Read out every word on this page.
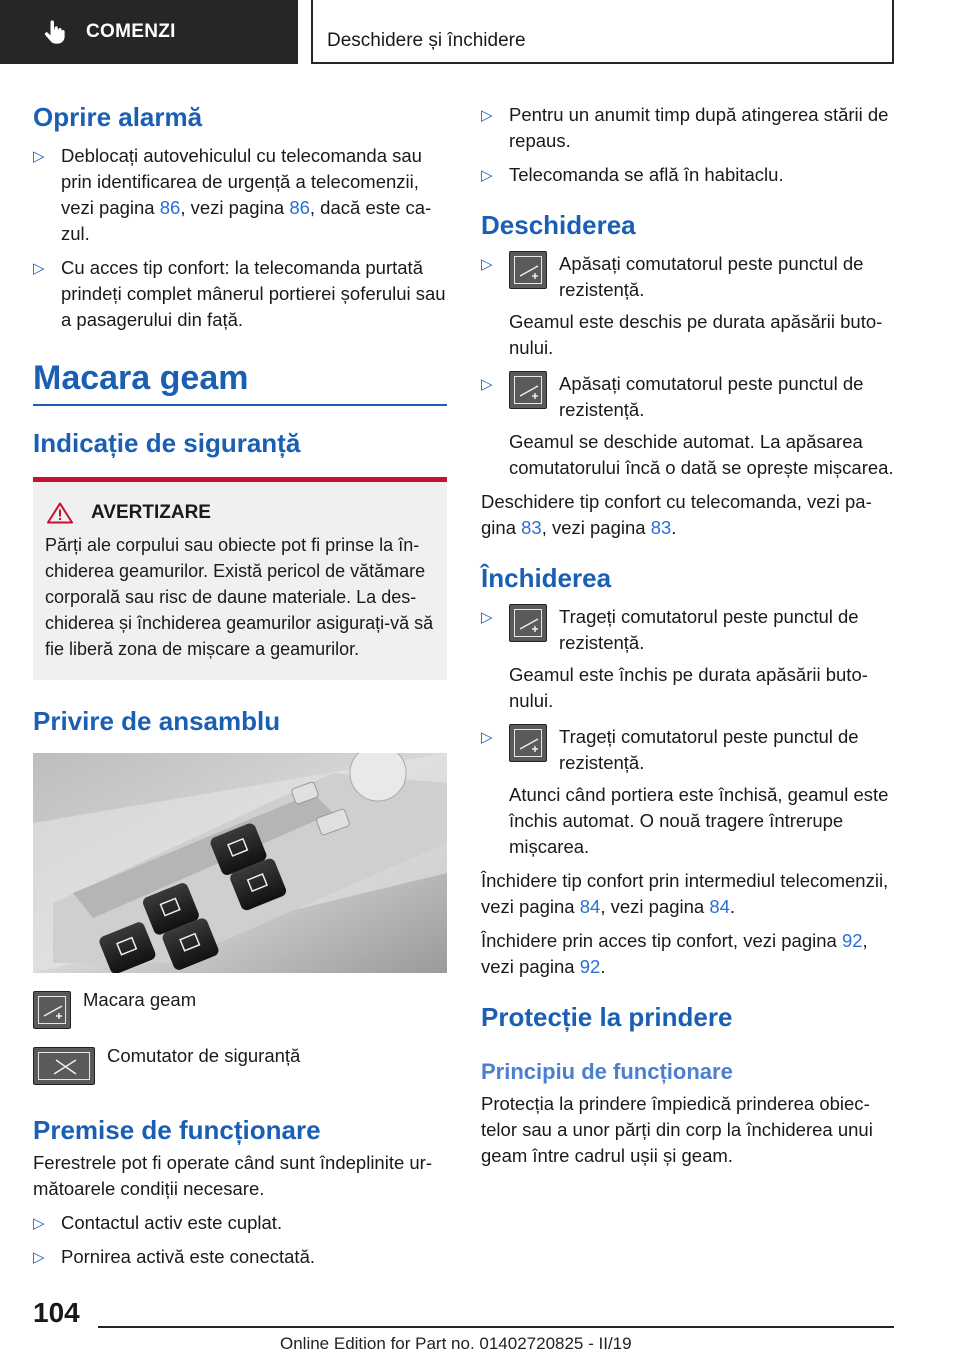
COMENZI	Deschidere și închidere
Oprire alarmă
▷ Deblocați autovehiculul cu telecomanda sau prin identificarea de urgență a telecomenzii, vezi pagina 86, vezi pagina 86, dacă este cazul.
▷ Cu acces tip confort: la telecomanda purtată prindeți complet mânerul portierei șoferului sau a pasagerului din față.
Macara geam
Indicație de siguranță
AVERTIZARE

Părți ale corpului sau obiecte pot fi prinse la închiderea geamurilor. Există pericol de vătămare corporală sau risc de daune materiale. La deschiderea și închiderea geamurilor asigurați-vă să fie liberă zona de mișcare a geamurilor.

Privire de ansamblu

Macara geam

Comutator de siguranță

Premise de funcționare

Ferestrele pot fi operate când sunt îndeplinite următoarele condiții necesare.

▷ Contactul activ este cuplat.
▷ Pornirea activă este conectată.
▷ Pentru un anumit timp după atingerea stării de repaus.
▷ Telecomanda se află în habitaclu.
Deschiderea
▷	Apăsați comutatorul peste punctul de rezistență.

Geamul este deschis pe durata apăsării butonului.

▷	Apăsați comutatorul peste punctul de rezistență.

Geamul se deschide automat. La apăsarea comutatorului încă o dată se oprește mișcarea.

Deschidere tip confort cu telecomanda, vezi pagina 83, vezi pagina 83.

Închiderea
▷	Trageți comutatorul peste punctul de rezistență.

Geamul este închis pe durata apăsării butonului.

▷	Trageți comutatorul peste punctul de rezistență.

Atunci când portiera este închisă, geamul este închis automat. O nouă tragere întrerupe mișcarea.

Închidere tip confort prin intermediul telecomenzii, vezi pagina 84, vezi pagina 84.

Închidere prin acces tip confort, vezi pagina 92, vezi pagina 92.

Protecție la prindere
Principiu de funcționare

Protecția la prindere împiedică prinderea obiectelor sau a unor părți din corp la închiderea unui geam între cadrul ușii și geam.

104
Online Edition for Part no. 01402720825 - II/19
